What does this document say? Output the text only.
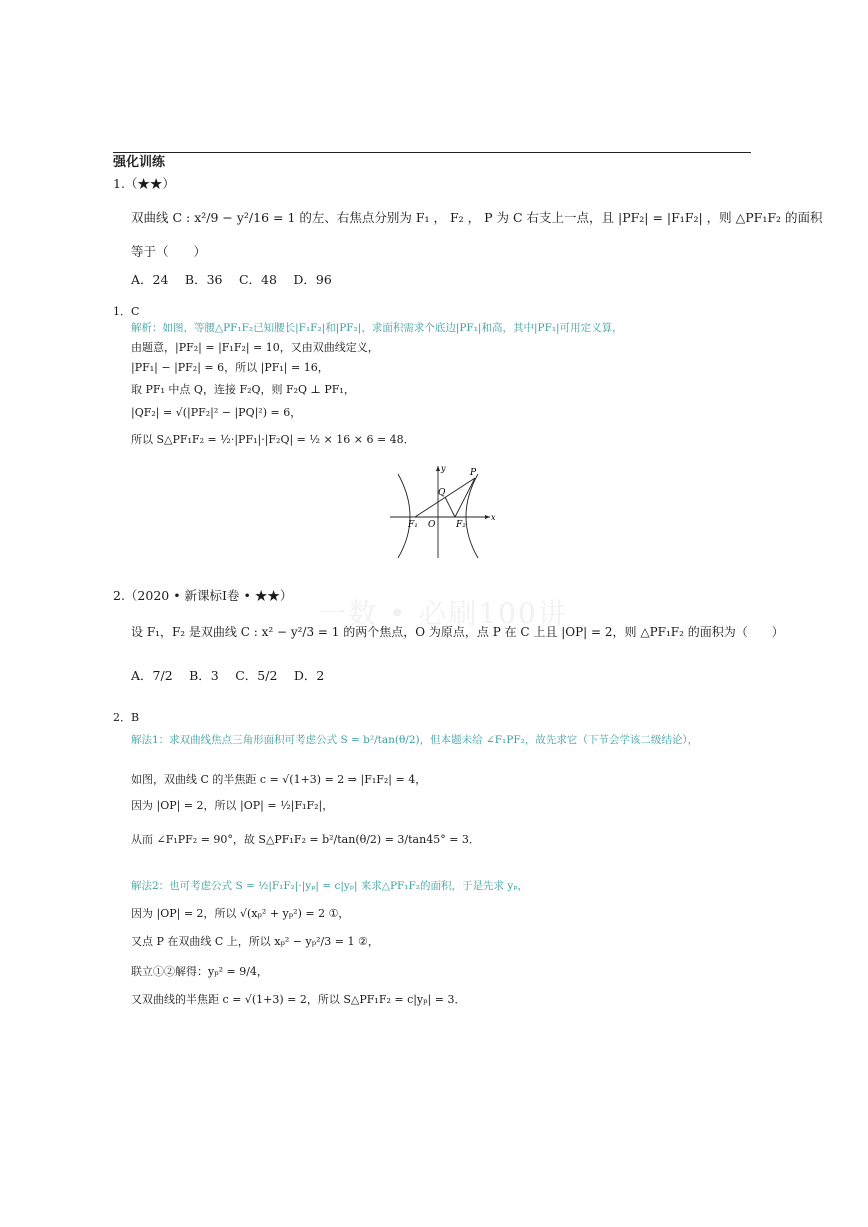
强化训练
1.（★★）
双曲线 C : x²/9 − y²/16 = 1 的左、右焦点分别为 F₁ ， F₂ ， P 为 C 右支上一点，且 |PF₂| = |F₁F₂| ，则 △PF₁F₂ 的面积
等于（　　）
A．24　 B．36　 C．48　 D．96
1．C
解析：如图，等腰△PF₁F₂已知腰长|F₁F₂|和|PF₂|，求面积需求个底边|PF₁|和高，其中|PF₁|可用定义算，
由题意，|PF₂| = |F₁F₂| = 10，又由双曲线定义，
|PF₁| − |PF₂| = 6，所以 |PF₁| = 16，
取 PF₁ 中点 Q，连接 F₂Q，则 F₂Q ⊥ PF₁，
|QF₂| = √(|PF₂|² − |PQ|²) = 6，
所以 S△PF₁F₂ = ½·|PF₁|·|F₂Q| = ½ × 16 × 6 = 48．
y
x
P
Q
O
F₁	F₂
一数 • 必刷100讲
2.（2020 • 新课标Ⅰ卷 • ★★）
设 F₁，F₂ 是双曲线 C : x² − y²/3 = 1 的两个焦点，O 为原点，点 P 在 C 上且 |OP| = 2，则 △PF₁F₂ 的面积为（　　）
A．7/2　 B．3　 C．5/2　 D．2
2．B
解法1：求双曲线焦点三角形面积可考虑公式 S = b²/tan(θ/2)，但本题未给 ∠F₁PF₂，故先求它（下节会学该二级结论），
如图，双曲线 C 的半焦距 c = √(1+3) = 2 ⇒ |F₁F₂| = 4，
因为 |OP| = 2，所以 |OP| = ½|F₁F₂|，
从而 ∠F₁PF₂ = 90°，故 S△PF₁F₂ = b²/tan(θ/2) = 3/tan45° = 3．
解法2：也可考虑公式 S = ½|F₁F₂|·|yₚ| = c|yₚ| 来求△PF₁F₂的面积，于是先求 yₚ，
因为 |OP| = 2，所以 √(xₚ² + yₚ²) = 2 ①，
又点 P 在双曲线 C 上，所以 xₚ² − yₚ²/3 = 1 ②，
联立①②解得：yₚ² = 9/4，
又双曲线的半焦距 c = √(1+3) = 2，所以 S△PF₁F₂ = c|yₚ| = 3．
